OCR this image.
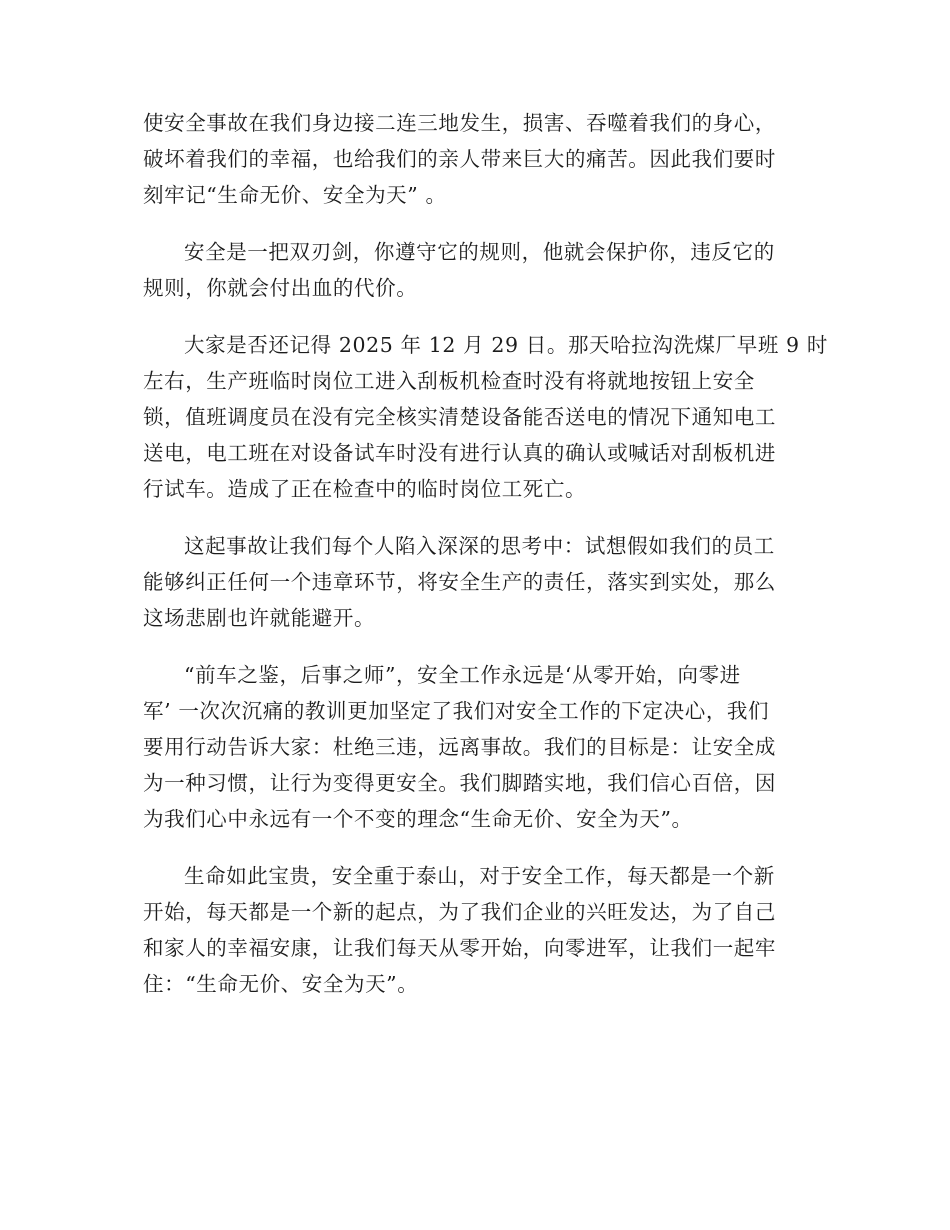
使安全事故在我们身边接二连三地发生，损害、吞噬着我们的身心，
破坏着我们的幸福，也给我们的亲人带来巨大的痛苦。因此我们要时
刻牢记“生命无价、安全为天” 。

安全是一把双刃剑，你遵守它的规则，他就会保护你，违反它的
规则，你就会付出血的代价。

大家是否还记得 2025 年 12 月 29 日。那天哈拉沟洗煤厂早班 9 时
左右，生产班临时岗位工进入刮板机检查时没有将就地按钮上安全
锁，值班调度员在没有完全核实清楚设备能否送电的情况下通知电工
送电，电工班在对设备试车时没有进行认真的确认或喊话对刮板机进
行试车。造成了正在检查中的临时岗位工死亡。

这起事故让我们每个人陷入深深的思考中：试想假如我们的员工
能够纠正任何一个违章环节，将安全生产的责任，落实到实处，那么
这场悲剧也许就能避开。

“前车之鉴，后事之师”，安全工作永远是‘从零开始，向零进
军’ 一次次沉痛的教训更加坚定了我们对安全工作的下定决心，我们
要用行动告诉大家：杜绝三违，远离事故。我们的目标是：让安全成
为一种习惯，让行为变得更安全。我们脚踏实地，我们信心百倍，因
为我们心中永远有一个不变的理念“生命无价、安全为天”。

生命如此宝贵，安全重于泰山，对于安全工作，每天都是一个新
开始，每天都是一个新的起点，为了我们企业的兴旺发达，为了自己
和家人的幸福安康，让我们每天从零开始，向零进军，让我们一起牢
住：“生命无价、安全为天”。
